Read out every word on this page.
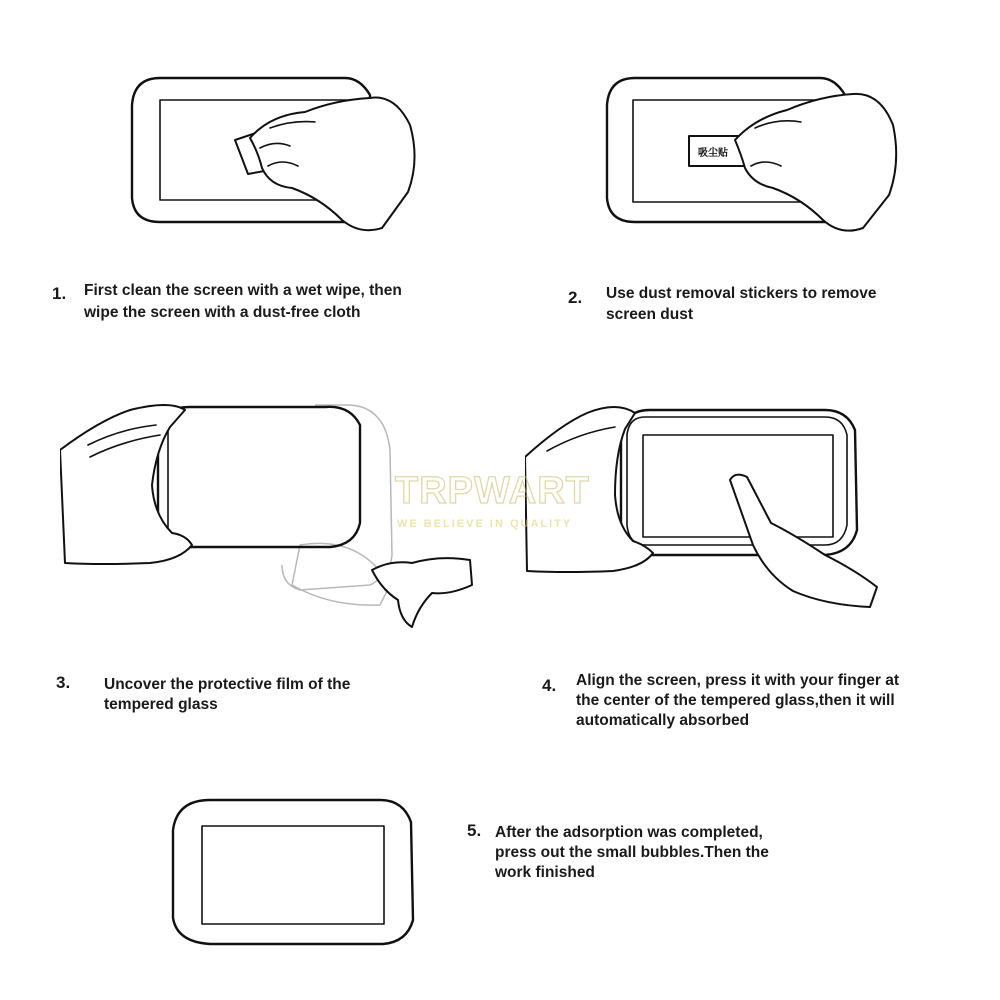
吸尘贴
1. First clean the screen with a wet wipe, then
wipe the screen with a dust-free cloth
2. Use dust removal stickers to remove
screen dust
3. Uncover the protective film of the
tempered glass
4. Align the screen, press it with your finger at
the center of the tempered glass,then it will
automatically absorbed
5. After the adsorption was completed,
press out the small bubbles.Then the
work finished
TRPWART
WE BELIEVE IN QUALITY
